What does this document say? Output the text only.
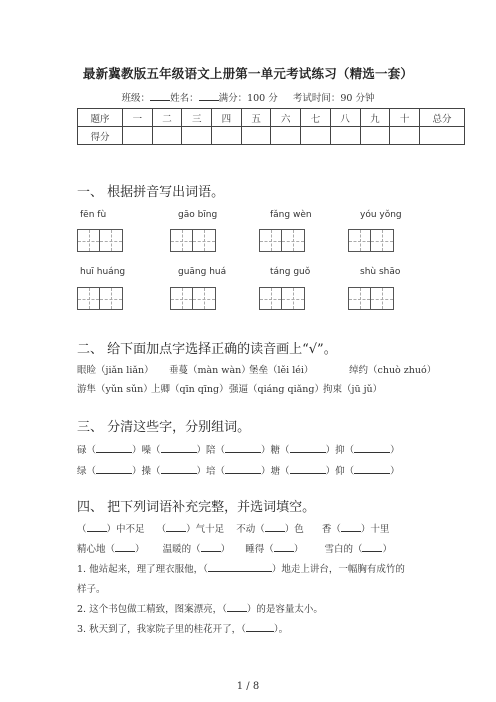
最新冀教版五年级语文上册第一单元考试练习（精选一套）
班级： 姓名： 满分：100 分 考试时间：90 分钟
题序	一	二	三	四	五	六	七	八	九	十	总分
得分											
一、 根据拼音写出词语。
fēn fù	gāo bīng	fǎng wèn	yóu yǒng
huī huáng	guāng huá	táng guǒ	shù shāo
二、 给下面加点字选择正确的读音画上“√”。
眼睑（jiǎn liǎn） 垂蔓（màn wàn）
堡垒（lěi léi）	绰约（chuò zhuó）
游隼（yǔn sǔn）
上卿（qīn qīng） 强逼（qiáng qiǎng） 拘束（jū jǔ）
三、 分清这些字，分别组词。
碌（	）噪（	）陪（	）糖（	）抑（	）
绿（	）操（	）培（	）塘（	）仰（	）
四、 把下列词语补充完整，并选词填空。
（ ）中不足 （ ）气十足 不动（ ）色 香（ ）十里
精心地（ ） 温暖的（ ） 睡得（ ） 雪白的（ ）
1. 他站起来，理了理衣服他，（	）地走上讲台，一幅胸有成竹的
样子。
2. 这个书包做工精致，图案漂亮，（ ）的是容量太小。
3. 秋天到了，我家院子里的桂花开了，（	）。
1 / 8
